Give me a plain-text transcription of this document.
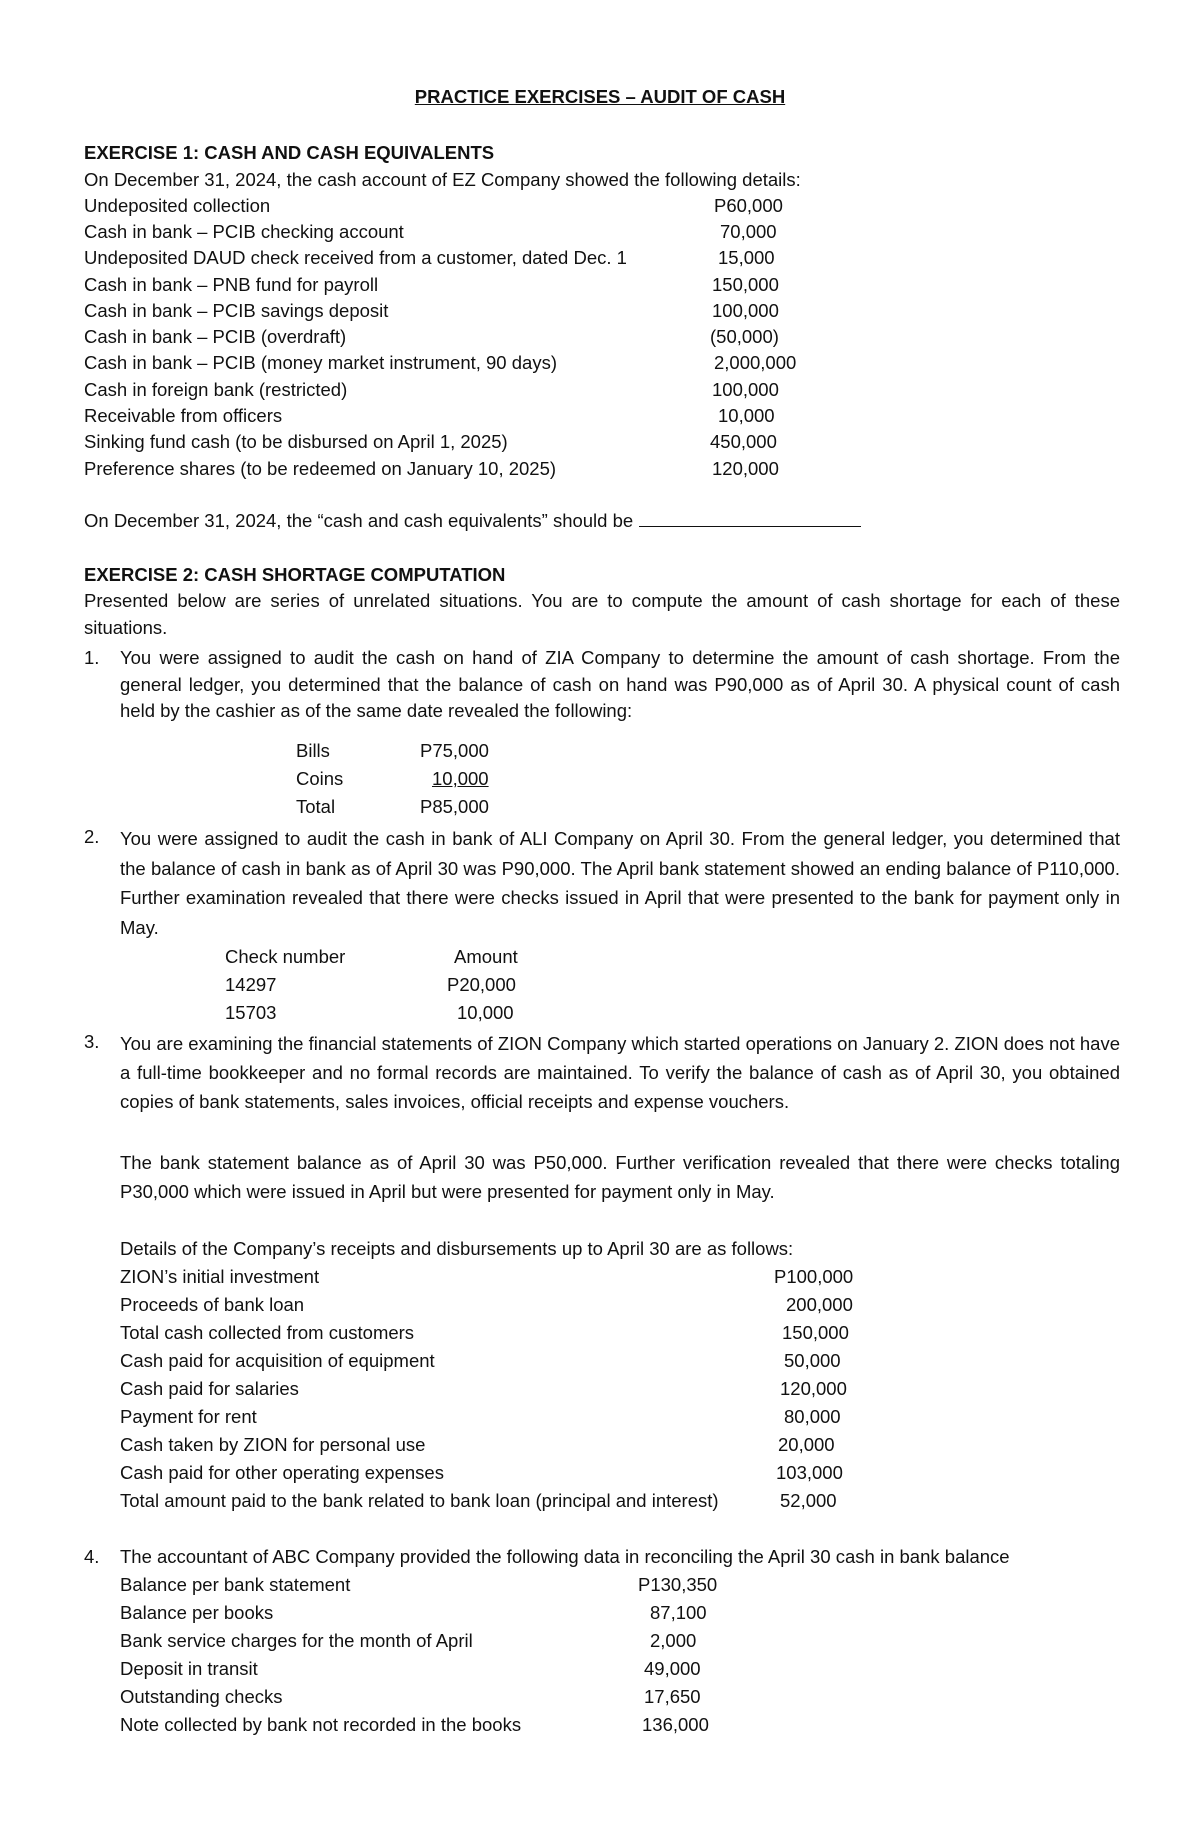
PRACTICE EXERCISES – AUDIT OF CASH
EXERCISE 1: CASH AND CASH EQUIVALENTS
On December 31, 2024, the cash account of EZ Company showed the following details:
Undeposited collection	P60,000
Cash in bank – PCIB checking account	70,000
Undeposited DAUD check received from a customer, dated Dec. 1	15,000
Cash in bank – PNB fund for payroll	150,000
Cash in bank – PCIB savings deposit	100,000
Cash in bank – PCIB (overdraft)	(50,000)
Cash in bank – PCIB (money market instrument, 90 days)	2,000,000
Cash in foreign bank (restricted)	100,000
Receivable from officers	10,000
Sinking fund cash (to be disbursed on April 1, 2025)	450,000
Preference shares (to be redeemed on January 10, 2025)	120,000
On December 31, 2024, the “cash and cash equivalents” should be
EXERCISE 2: CASH SHORTAGE COMPUTATION
Presented below are series of unrelated situations. You are to compute the amount of cash shortage for each of these situations.
1. You were assigned to audit the cash on hand of ZIA Company to determine the amount of cash shortage. From the general ledger, you determined that the balance of cash on hand was P90,000 as of April 30. A physical count of cash held by the cashier as of the same date revealed the following:
Bills	P75,000
Coins	10,000
Total	P85,000
2. You were assigned to audit the cash in bank of ALI Company on April 30. From the general ledger, you determined that the balance of cash in bank as of April 30 was P90,000. The April bank statement showed an ending balance of P110,000. Further examination revealed that there were checks issued in April that were presented to the bank for payment only in May.
Check number	Amount
14297	P20,000
15703	10,000
3. You are examining the financial statements of ZION Company which started operations on January 2. ZION does not have a full-time bookkeeper and no formal records are maintained. To verify the balance of cash as of April 30, you obtained copies of bank statements, sales invoices, official receipts and expense vouchers.
The bank statement balance as of April 30 was P50,000. Further verification revealed that there were checks totaling P30,000 which were issued in April but were presented for payment only in May.
Details of the Company’s receipts and disbursements up to April 30 are as follows:
ZION’s initial investment	P100,000
Proceeds of bank loan	200,000
Total cash collected from customers	150,000
Cash paid for acquisition of equipment	50,000
Cash paid for salaries	120,000
Payment for rent	80,000
Cash taken by ZION for personal use	20,000
Cash paid for other operating expenses	103,000
Total amount paid to the bank related to bank loan (principal and interest)	52,000
4. The accountant of ABC Company provided the following data in reconciling the April 30 cash in bank balance
Balance per bank statement	P130,350
Balance per books	87,100
Bank service charges for the month of April	2,000
Deposit in transit	49,000
Outstanding checks	17,650
Note collected by bank not recorded in the books	136,000
